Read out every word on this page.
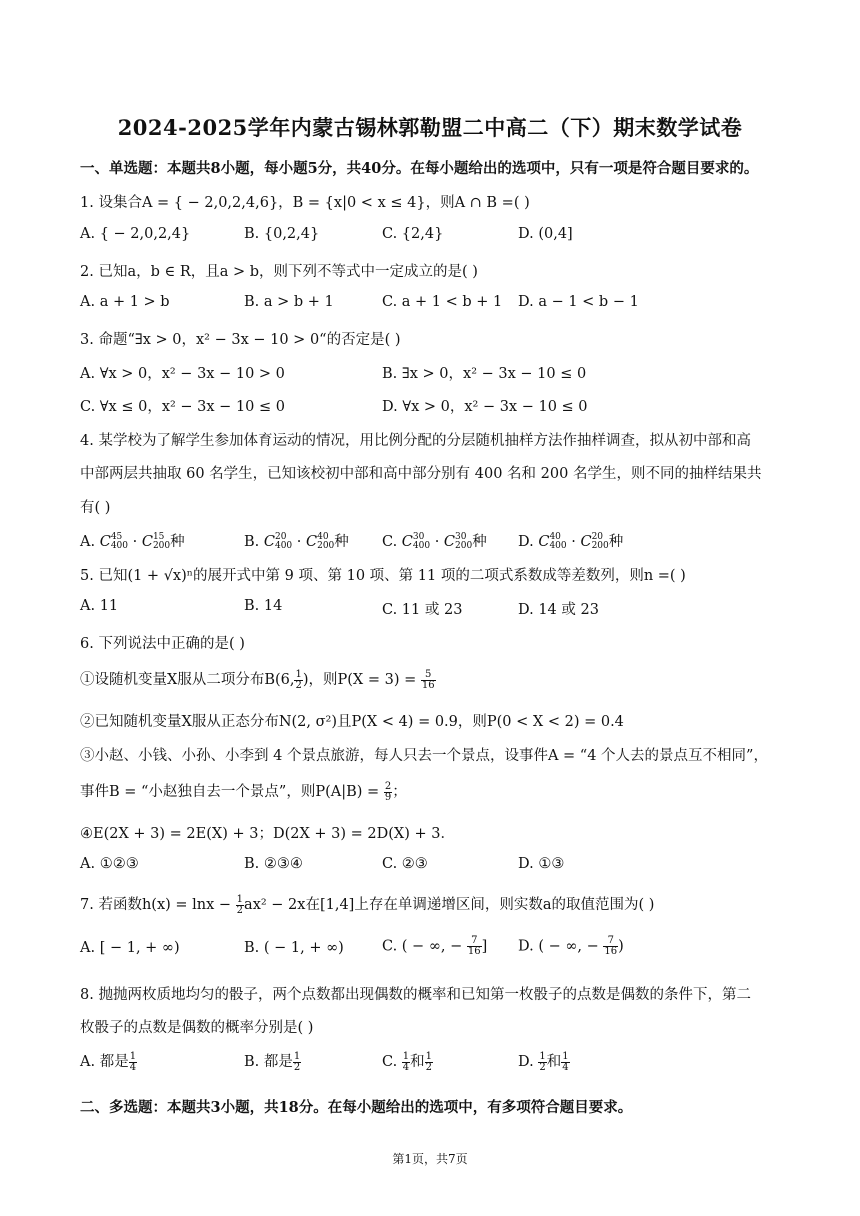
2024-2025学年内蒙古锡林郭勒盟二中高二（下）期末数学试卷
一、单选题：本题共8小题，每小题5分，共40分。在每小题给出的选项中，只有一项是符合题目要求的。
1. 设集合A = { − 2,0,2,4,6}，B = {x|0 < x ≤ 4}，则A ∩ B =( )
A. { − 2,0,2,4}	B. {0,2,4}	C. {2,4}	D. (0,4]
2. 已知a，b ∈ R，且a > b，则下列不等式中一定成立的是( )
A. a + 1 > b	B. a > b + 1	C. a + 1 < b + 1 D. a − 1 < b − 1
3. 命题“∃x > 0，x² − 3x − 10 > 0“的否定是( )
A. ∀x > 0，x² − 3x − 10 > 0	B. ∃x > 0，x² − 3x − 10 ≤ 0
C. ∀x ≤ 0，x² − 3x − 10 ≤ 0	D. ∀x > 0，x² − 3x − 10 ≤ 0
4. 某学校为了解学生参加体育运动的情况，用比例分配的分层随机抽样方法作抽样调查，拟从初中部和高
中部两层共抽取 60 名学生，已知该校初中部和高中部分别有 400 名和 200 名学生，则不同的抽样结果共
有( )
A. C 45
400 · C 15
200 种	B. C 20
400 · C 40
200 种 C. C 30
400 · C 30
200 种 D. C 40
400 · C 20
200 种
5. 已知(1 + √x)ⁿ的展开式中第 9 项、第 10 项、第 11 项的二项式系数成等差数列，则n =( )
A. 11	B. 14	C. 11 或 23	D. 14 或 23
6. 下列说法中正确的是( )
①设随机变量X服从二项分布B(6, $\frac{1}{2}$ )，则$P(X = 3) = \frac{5}{16}$
②已知随机变量X服从正态分布N(2, σ²)且P(X < 4) = 0.9，则P(0 < X < 2) = 0.4
③小赵、小钱、小孙、小李到 4 个景点旅游，每人只去一个景点，设事件A = “4 个人去的景点互不相同”，
事件B = “小赵独自去一个景点”，则$P(A|B) = \frac{2}{9}$ ；
④E(2X + 3) = 2E(X) + 3；D(2X + 3) = 2D(X) + 3．
A. ①②③	B. ②③④	C. ②③	D. ①③
7. 若函数$h(x) = \ln x - \frac{1}{2} ax^2 - 2x$在[1,4]上存在单调递增区间，则实数a的取值范围为( )
A. [ − 1, + ∞)	B. ( − 1, + ∞)	C. ( − ∞, − $\frac{7}{16}$ ] D. ( − ∞, − $\frac{7}{16}$ )
8. 抛抛两枚质地均匀的骰子，两个点数都出现偶数的概率和已知第一枚骰子的点数是偶数的条件下，第二
枚骰子的点数是偶数的概率分别是( )
A. 都是 $\frac{1}{4}$	B. 都是 $\frac{1}{2}$	C. $\frac{1}{4}$ 和 $\frac{1}{2}$	D. $\frac{1}{2}$ 和 $\frac{1}{4}$
二、多选题：本题共3小题，共18分。在每小题给出的选项中，有多项符合题目要求。
第1页，共7页
